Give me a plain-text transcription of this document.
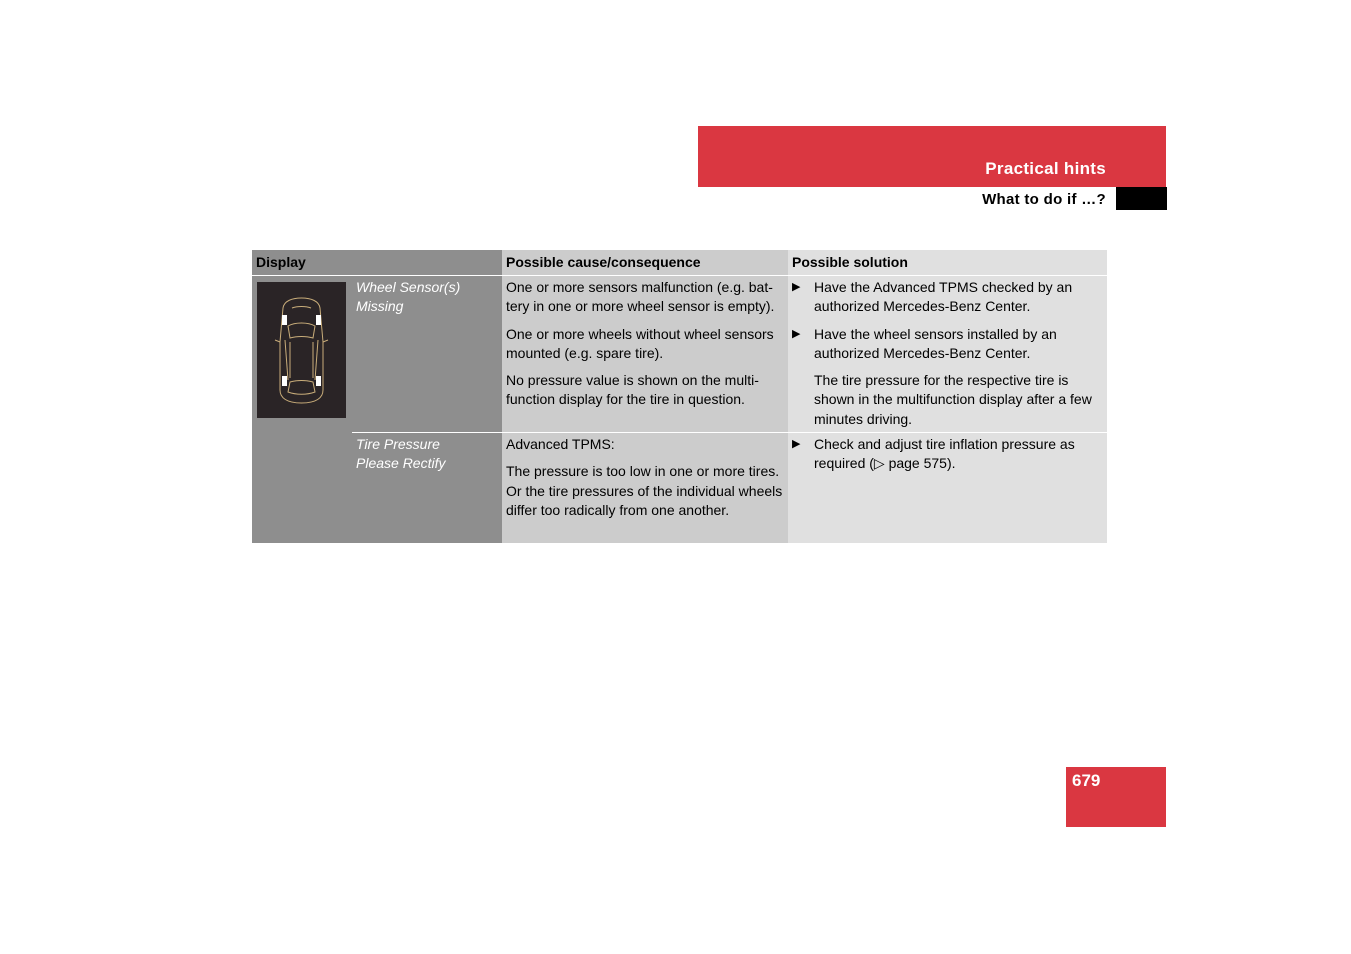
Practical hints
What to do if …?
Display	Possible cause/consequence	Possible solution
Wheel Sensor(s)
Missing
One or more sensors malfunction (e.g. bat-tery in one or more wheel sensor is empty).
One or more wheels without wheel sensors mounted (e.g. spare tire).
No pressure value is shown on the multi-function display for the tire in question.
▶ Have the Advanced TPMS checked by an authorized Mercedes-Benz Center.
▶ Have the wheel sensors installed by an authorized Mercedes-Benz Center.
The tire pressure for the respective tire is shown in the multifunction display after a few minutes driving.
Tire Pressure
Please Rectify
Advanced TPMS:
The pressure is too low in one or more tires. Or the tire pressures of the individual wheels differ too radically from one another.
▶ Check and adjust tire inflation pressure as required (▷ page 575).
679
